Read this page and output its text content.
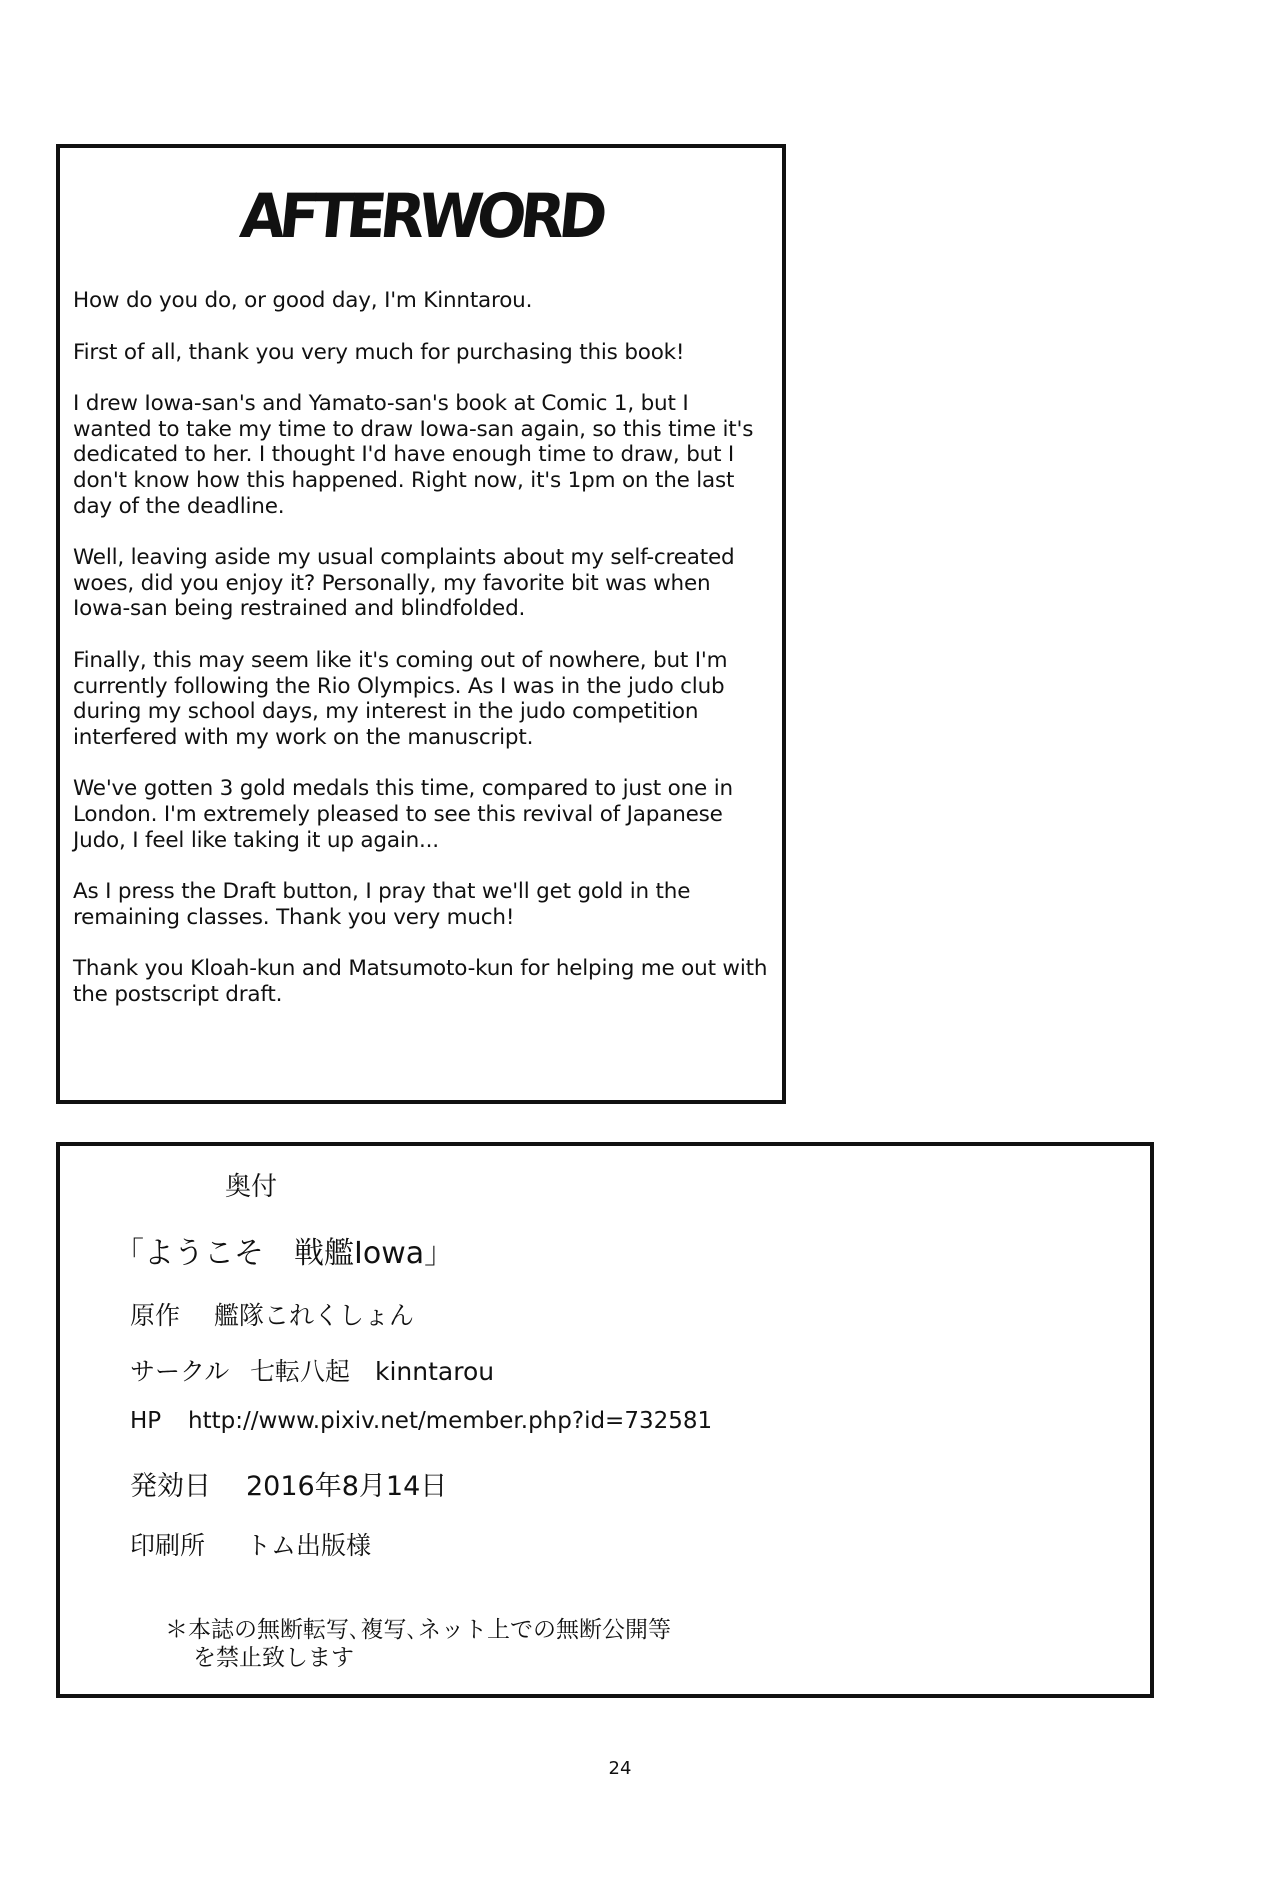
AFTERWORD

How do you do, or good day, I'm Kinntarou.

First of all, thank you very much for purchasing this book!

I drew Iowa-san's and Yamato-san's book at Comic 1, but I wanted to take my time to draw Iowa-san again, so this time it's dedicated to her. I thought I'd have enough time to draw, but I don't know how this happened. Right now, it's 1pm on the last day of the deadline.

Well, leaving aside my usual complaints about my self-created woes, did you enjoy it? Personally, my favorite bit was when Iowa-san being restrained and blindfolded.

Finally, this may seem like it's coming out of nowhere, but I'm currently following the Rio Olympics. As I was in the judo club during my school days, my interest in the judo competition interfered with my work on the manuscript.

We've gotten 3 gold medals this time, compared to just one in London. I'm extremely pleased to see this revival of Japanese Judo, I feel like taking it up again...

As I press the Draft button, I pray that we'll get gold in the remaining classes. Thank you very much!

Thank you Kloah-kun and Matsumoto-kun for helping me out with the postscript draft.

奥付
「ようこそ　戦艦Iowa」
原作 艦隊これくしょん
サークル 七転八起　kinntarou
HP http://www.pixiv.net/member.php?id=732581
発効日 2016年8月14日
印刷所 トム出版様
＊本誌の無断転写､複写､ネット上での無断公開等
を禁止致します
24
